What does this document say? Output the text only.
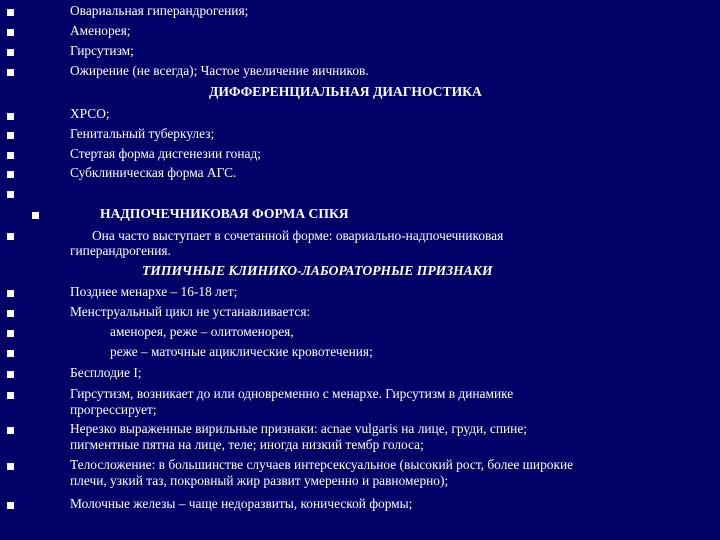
Овариальная гиперандрогения;
Аменорея;
Гирсутизм;
Ожирение (не всегда); Частое увеличение яичников.
ДИФФЕРЕНЦИАЛЬНАЯ ДИАГНОСТИКА
ХРСО;
Генитальный туберкулез;
Стертая форма дисгенезии гонад;
Субклиническая форма АГС.
НАДПОЧЕЧНИКОВАЯ ФОРМА СПКЯ
Она часто выступает в сочетанной форме: овариально-надпочечниковая
гиперандрогения.
ТИПИЧНЫЕ КЛИНИКО-ЛАБОРАТОРНЫЕ ПРИЗНАКИ
Позднее менархе – 16-18 лет;
Менструальный цикл не устанавливается:
аменорея, реже – олитоменорея,
реже – маточные ациклические кровотечения;
Бесплодие I;
Гирсутизм, возникает до или одновременно с менархе. Гирсутизм в динамике
прогрессирует;
Нерезко выраженные вирильные признаки: acnae vulgaris на лице, груди, спине;
пигментные пятна на лице, теле; иногда низкий тембр голоса;
Телосложение: в большинстве случаев интерсексуальное (высокий рост, более широкие
плечи, узкий таз, покровный жир развит умеренно и равномерно);
Молочные железы – чаще недоразвиты, конической формы;
